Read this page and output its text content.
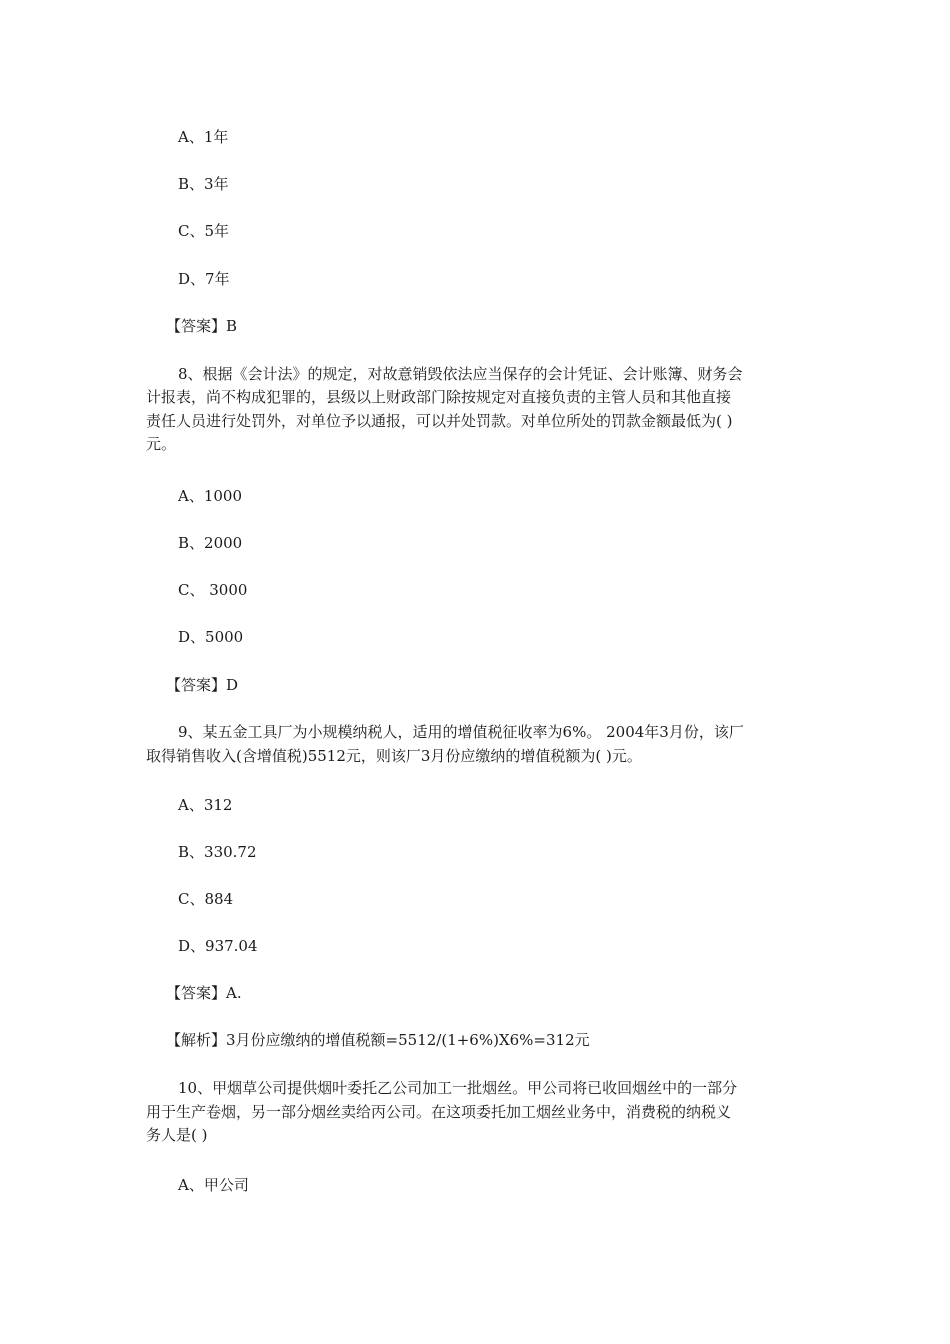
A、1年
B、3年
C、5年
D、7年
【答案】B
8、根据《会计法》的规定，对故意销毁依法应当保存的会计凭证、会计账簿、财务会
计报表，尚不构成犯罪的，县级以上财政部门除按规定对直接负责的主管人员和其他直接
责任人员进行处罚外，对单位予以通报，可以并处罚款。对单位所处的罚款金额最低为( )
元。
A、1000
B、2000
C、 3000
D、5000
【答案】D
9、某五金工具厂为小规模纳税人，适用的增值税征收率为6%。 2004年3月份，该厂
取得销售收入(含增值税)5512元，则该厂3月份应缴纳的增值税额为( )元。
A、312
B、330.72
C、884
D、937.04
【答案】A.
【解析】3月份应缴纳的增值税额=5512/(1+6%)X6%=312元
10、甲烟草公司提供烟叶委托乙公司加工一批烟丝。甲公司将已收回烟丝中的一部分
用于生产卷烟，另一部分烟丝卖给丙公司。在这项委托加工烟丝业务中，消费税的纳税义
务人是( )
A、甲公司
